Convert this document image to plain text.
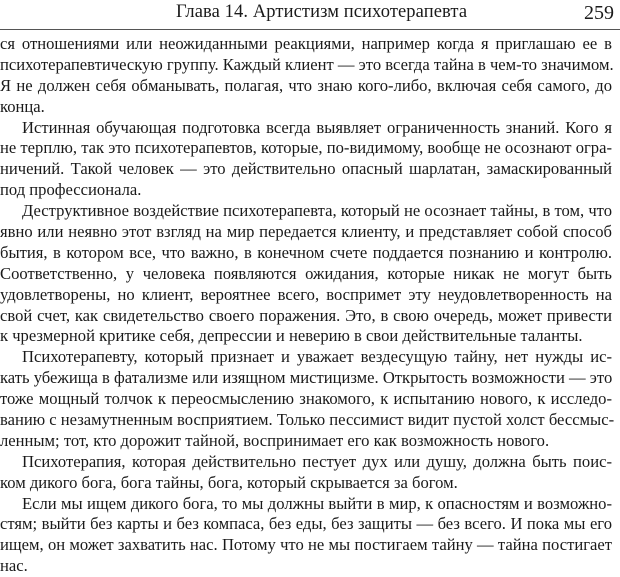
Глава 14. Артистизм психотерапевта	259
ся отношениями или неожиданными реакциями, например когда я приглашаю ее в
психотерапевтическую группу. Каждый клиент — это всегда тайна в чем-то значимом.
Я не должен себя обманывать, полагая, что знаю кого-либо, включая себя самого, до
конца.
Истинная обучающая подготовка всегда выявляет ограниченность знаний. Кого я
не терплю, так это психотерапевтов, которые, по-видимому, вообще не осознают огра-
ничений. Такой человек — это действительно опасный шарлатан, замаскированный
под профессионала.
Деструктивное воздействие психотерапевта, который не осознает тайны, в том, что
явно или неявно этот взгляд на мир передается клиенту, и представляет собой способ
бытия, в котором все, что важно, в конечном счете поддается познанию и контролю.
Соответственно, у человека появляются ожидания, которые никак не могут быть
удовлетворены, но клиент, вероятнее всего, воспримет эту неудовлетворенность на
свой счет, как свидетельство своего поражения. Это, в свою очередь, может привести
к чрезмерной критике себя, депрессии и неверию в свои действительные таланты.
Психотерапевту, который признает и уважает вездесущую тайну, нет нужды ис-
кать убежища в фатализме или изящном мистицизме. Открытость возможности — это
тоже мощный толчок к переосмыслению знакомого, к испытанию нового, к исследо-
ванию с незамутненным восприятием. Только пессимист видит пустой холст бессмыс-
ленным; тот, кто дорожит тайной, воспринимает его как возможность нового.
Психотерапия, которая действительно пестует дух или душу, должна быть поис-
ком дикого бога, бога тайны, бога, который скрывается за богом.
Если мы ищем дикого бога, то мы должны выйти в мир, к опасностям и возможно-
стям; выйти без карты и без компаса, без еды, без защиты — без всего. И пока мы его
ищем, он может захватить нас. Потому что не мы постигаем тайну — тайна постигает
нас.
